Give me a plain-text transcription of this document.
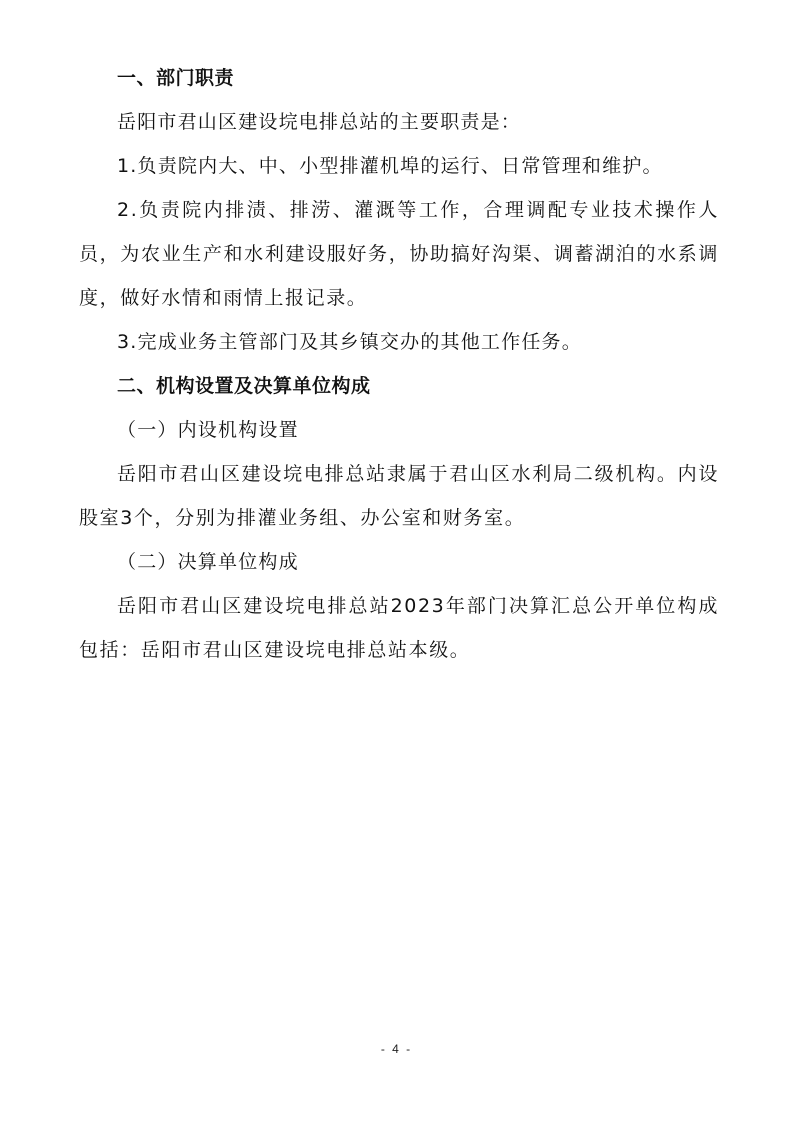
一、部门职责

岳阳市君山区建设垸电排总站的主要职责是：

1.负责院内大、中、小型排灌机埠的运行、日常管理和维护。

2.负责院内排渍、排涝、灌溉等工作，合理调配专业技术操作人员，为农业生产和水利建设服好务，协助搞好沟渠、调蓄湖泊的水系调度，做好水情和雨情上报记录。

3.完成业务主管部门及其乡镇交办的其他工作任务。

二、机构设置及决算单位构成

（一）内设机构设置

岳阳市君山区建设垸电排总站隶属于君山区水利局二级机构。内设股室3个，分别为排灌业务组、办公室和财务室。

（二）决算单位构成

岳阳市君山区建设垸电排总站2023年部门决算汇总公开单位构成包括：岳阳市君山区建设垸电排总站本级。

- 4 -
